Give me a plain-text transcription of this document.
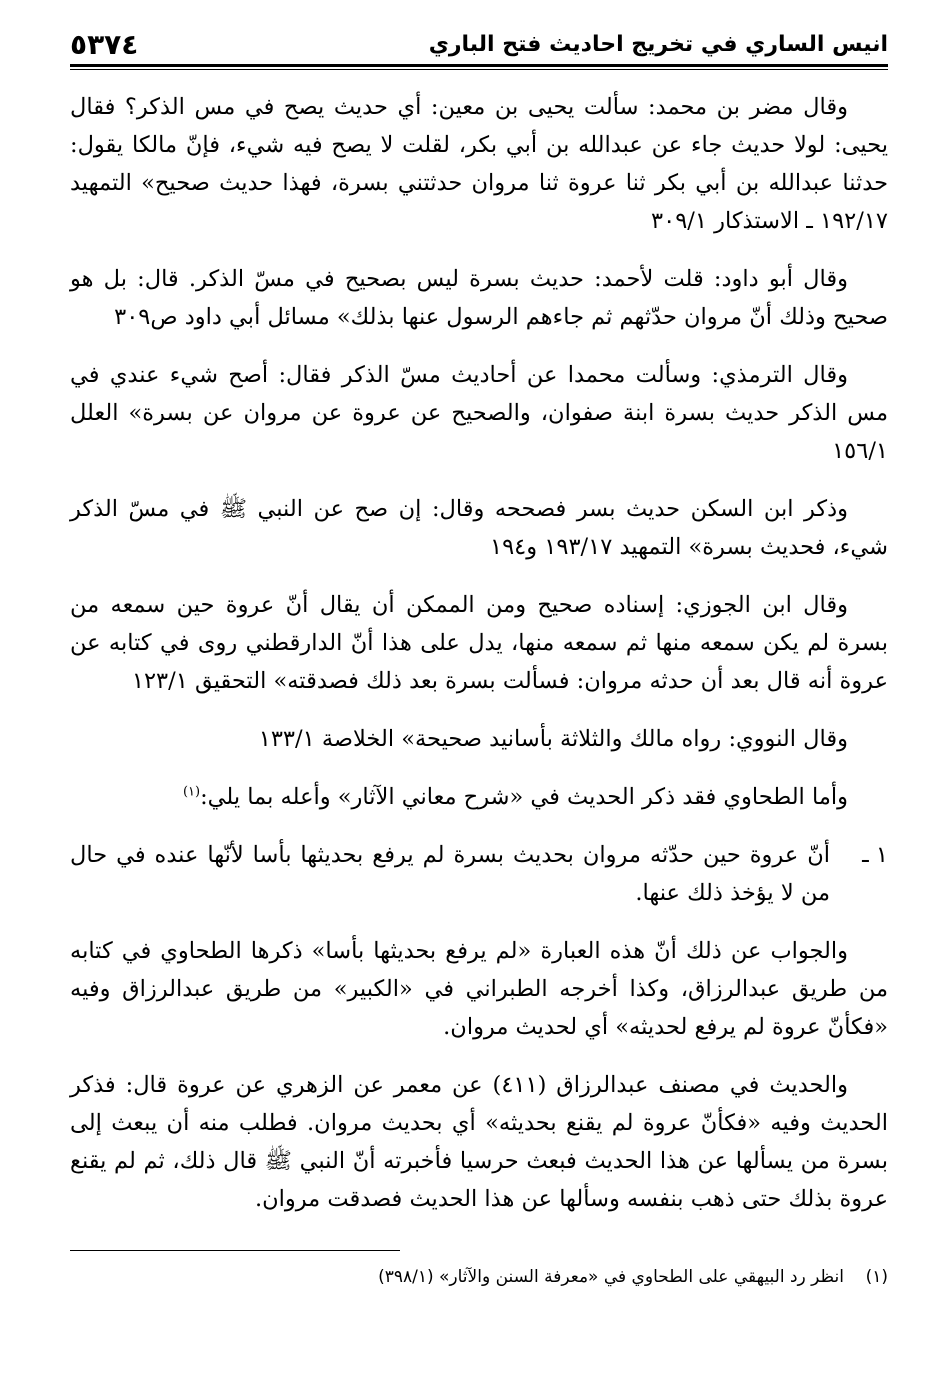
انيس الساري في تخريج احاديث فتح الباري
٥٣٧٤

وقال مضر بن محمد: سألت يحيى بن معين: أي حديث يصح في مس الذكر؟ فقال يحيى: لولا حديث جاء عن عبدالله بن أبي بكر، لقلت لا يصح فيه شيء، فإنّ مالكا يقول: حدثنا عبدالله بن أبي بكر ثنا عروة ثنا مروان حدثتني بسرة، فهذا حديث صحيح» التمهيد ١٩٢/١٧ ـ الاستذكار ٣٠٩/١

وقال أبو داود: قلت لأحمد: حديث بسرة ليس بصحيح في مسّ الذكر. قال: بل هو صحيح وذلك أنّ مروان حدّثهم ثم جاءهم الرسول عنها بذلك» مسائل أبي داود ص٣٠٩

وقال الترمذي: وسألت محمدا عن أحاديث مسّ الذكر فقال: أصح شيء عندي في مس الذكر حديث بسرة ابنة صفوان، والصحيح عن عروة عن مروان عن بسرة» العلل ١٥٦/١

وذكر ابن السكن حديث بسر فصححه وقال: إن صح عن النبي ﷺ في مسّ الذكر شيء، فحديث بسرة» التمهيد ١٩٣/١٧ و١٩٤

وقال ابن الجوزي: إسناده صحيح ومن الممكن أن يقال أنّ عروة حين سمعه من بسرة لم يكن سمعه منها ثم سمعه منها، يدل على هذا أنّ الدارقطني روى في كتابه عن عروة أنه قال بعد أن حدثه مروان: فسألت بسرة بعد ذلك فصدقته» التحقيق ١٢٣/١

وقال النووي: رواه مالك والثلاثة بأسانيد صحيحة» الخلاصة ١٣٣/١

وأما الطحاوي فقد ذكر الحديث في «شرح معاني الآثار» وأعله بما يلي:$^{(١)}$

١ ـ
أنّ عروة حين حدّثه مروان بحديث بسرة لم يرفع بحديثها بأسا لأنّها عنده في حال من لا يؤخذ ذلك عنها.

والجواب عن ذلك أنّ هذه العبارة «لم يرفع بحديثها بأسا» ذكرها الطحاوي في كتابه من طريق عبدالرزاق، وكذا أخرجه الطبراني في «الكبير» من طريق عبدالرزاق وفيه «فكأنّ عروة لم يرفع لحديثه» أي لحديث مروان.

والحديث في مصنف عبدالرزاق (٤١١) عن معمر عن الزهري عن عروة قال: فذكر الحديث وفيه «فكأنّ عروة لم يقنع بحديثه» أي بحديث مروان. فطلب منه أن يبعث إلى بسرة من يسألها عن هذا الحديث فبعث حرسيا فأخبرته أنّ النبي ﷺ قال ذلك، ثم لم يقنع عروة بذلك حتى ذهب بنفسه وسألها عن هذا الحديث فصدقت مروان.

(١)    انظر رد البيهقي على الطحاوي في «معرفة السنن والآثار» (٣٩٨/١)
